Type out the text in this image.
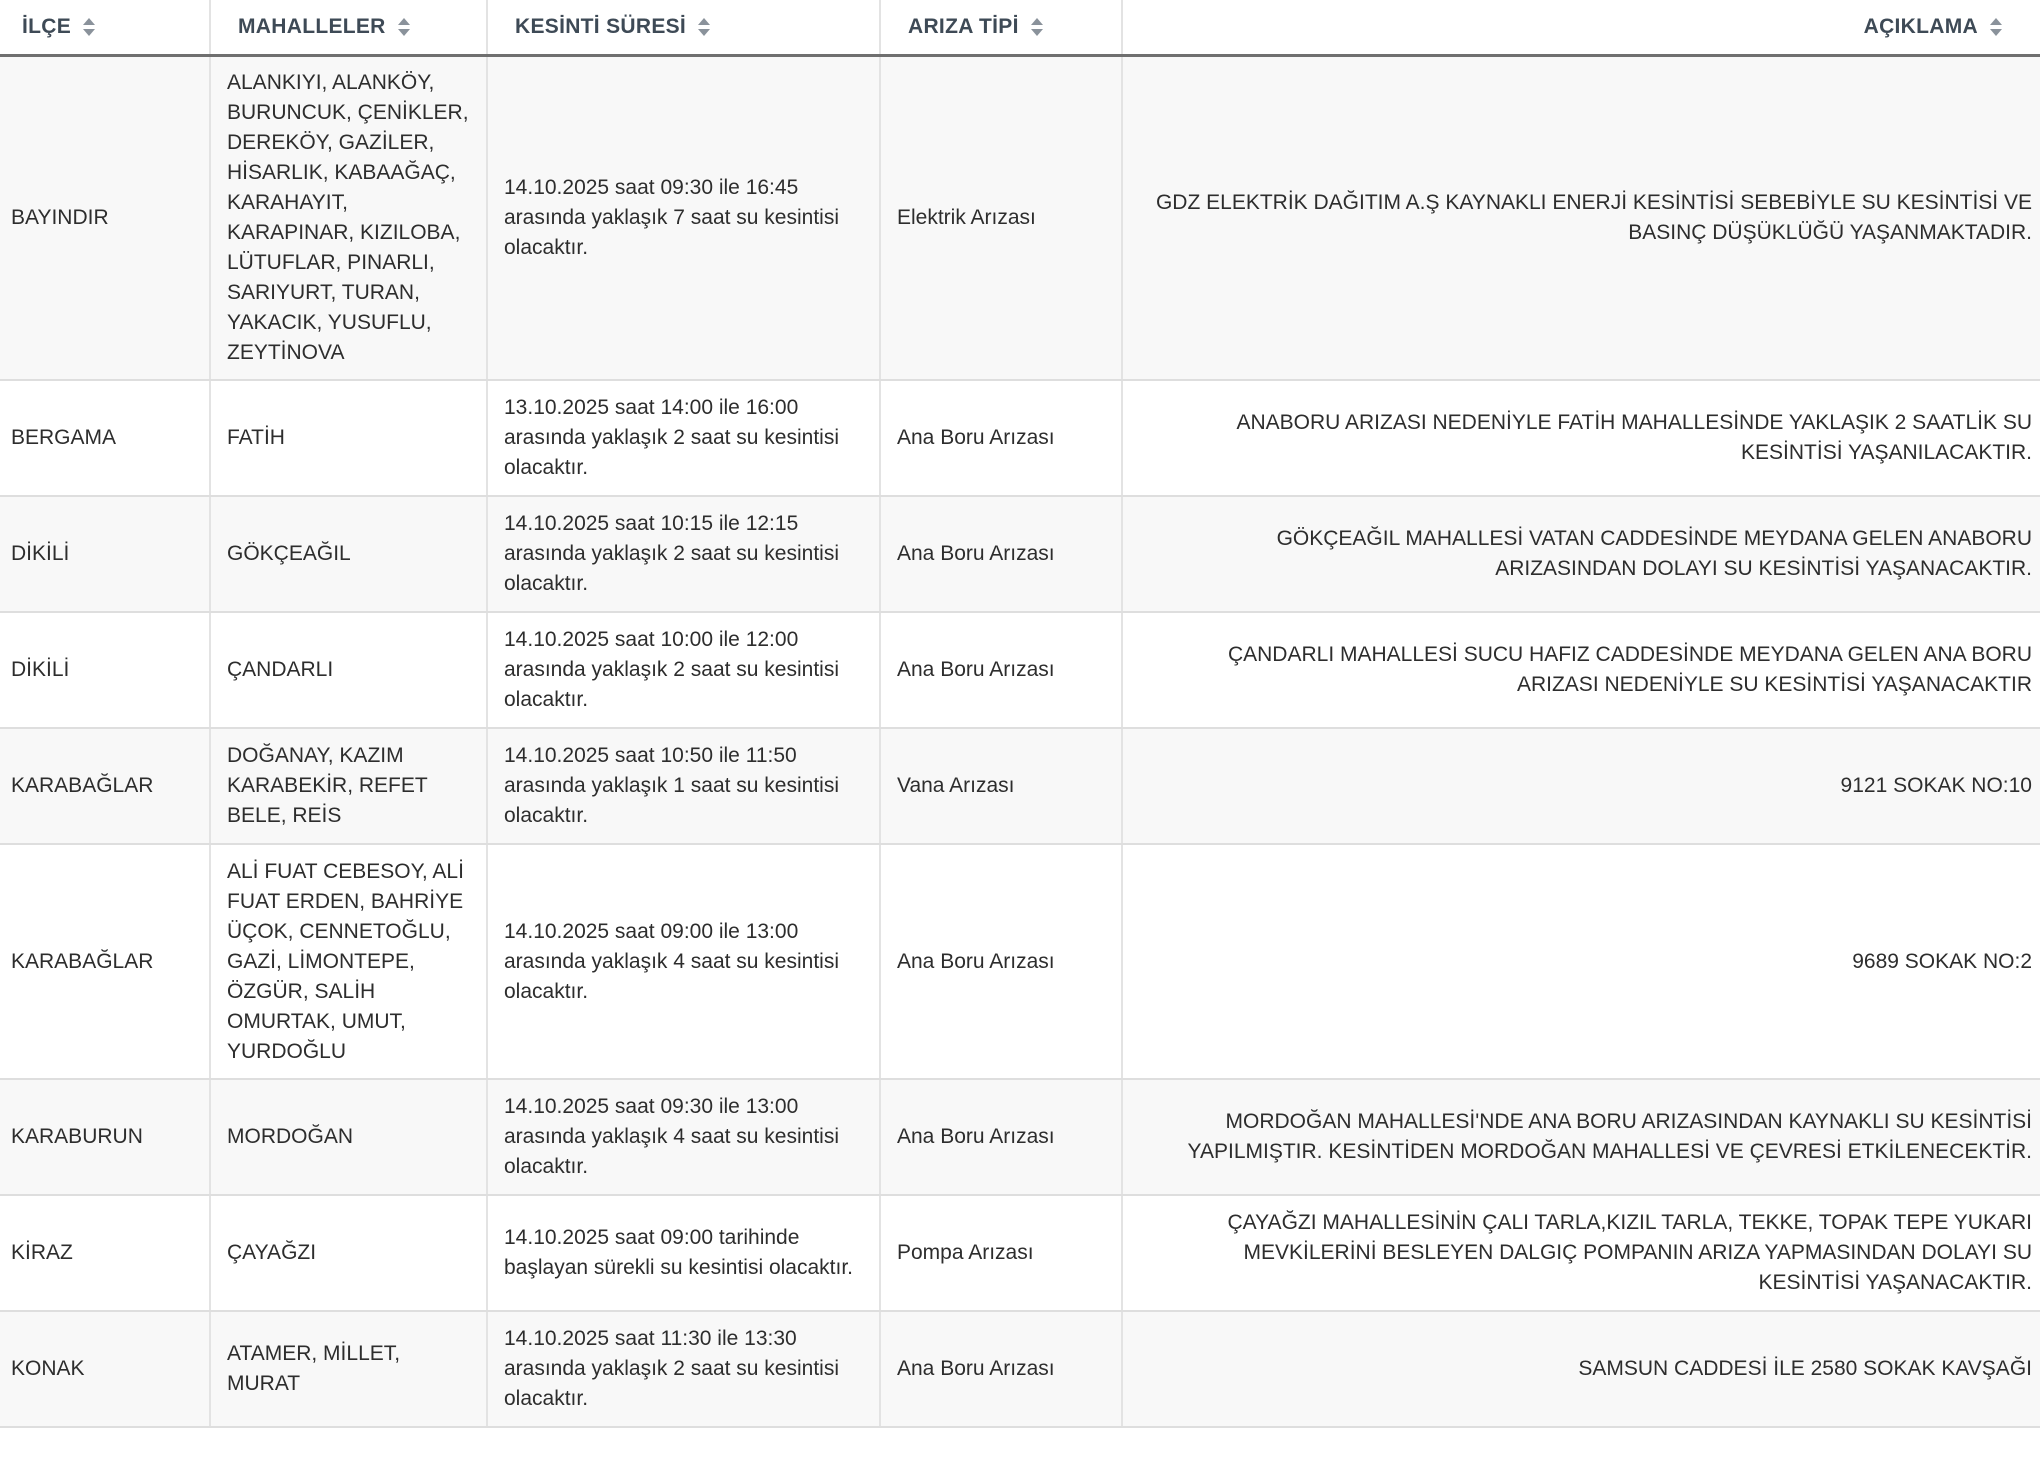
İLÇE	MAHALLELER	KESİNTİ SÜRESİ	ARIZA TİPİ	AÇIKLAMA
BAYINDIR	ALANKIYI, ALANKÖY, BURUNCUK, ÇENİKLER, DEREKÖY, GAZİLER, HİSARLIK, KABAAĞAÇ, KARAHAYIT, KARAPINAR, KIZILOBA, LÜTUFLAR, PINARLI, SARIYURT, TURAN, YAKACIK, YUSUFLU, ZEYTİNOVA	14.10.2025 saat 09:30 ile 16:45 arasında yaklaşık 7 saat su kesintisi olacaktır.	Elektrik Arızası	GDZ ELEKTRİK DAĞITIM A.Ş KAYNAKLI ENERJİ KESİNTİSİ SEBEBİYLE SU KESİNTİSİ VE BASINÇ DÜŞÜKLÜĞÜ YAŞANMAKTADIR.
BERGAMA	FATİH	13.10.2025 saat 14:00 ile 16:00 arasında yaklaşık 2 saat su kesintisi olacaktır.	Ana Boru Arızası	ANABORU ARIZASI NEDENİYLE FATİH MAHALLESİNDE YAKLAŞIK 2 SAATLİK SU KESİNTİSİ YAŞANILACAKTIR.
DİKİLİ	GÖKÇEAĞIL	14.10.2025 saat 10:15 ile 12:15 arasında yaklaşık 2 saat su kesintisi olacaktır.	Ana Boru Arızası	GÖKÇEAĞIL MAHALLESİ VATAN CADDESİNDE MEYDANA GELEN ANABORU ARIZASINDAN DOLAYI SU KESİNTİSİ YAŞANACAKTIR.
DİKİLİ	ÇANDARLI	14.10.2025 saat 10:00 ile 12:00 arasında yaklaşık 2 saat su kesintisi olacaktır.	Ana Boru Arızası	ÇANDARLI MAHALLESİ SUCU HAFIZ CADDESİNDE MEYDANA GELEN ANA BORU ARIZASI NEDENİYLE SU KESİNTİSİ YAŞANACAKTIR
KARABAĞLAR	DOĞANAY, KAZIM KARABEKİR, REFET BELE, REİS	14.10.2025 saat 10:50 ile 11:50 arasında yaklaşık 1 saat su kesintisi olacaktır.	Vana Arızası	9121 SOKAK NO:10
KARABAĞLAR	ALİ FUAT CEBESOY, ALİ FUAT ERDEN, BAHRİYE ÜÇOK, CENNETOĞLU, GAZİ, LİMONTEPE, ÖZGÜR, SALİH OMURTAK, UMUT, YURDOĞLU	14.10.2025 saat 09:00 ile 13:00 arasında yaklaşık 4 saat su kesintisi olacaktır.	Ana Boru Arızası	9689 SOKAK NO:2
KARABURUN	MORDOĞAN	14.10.2025 saat 09:30 ile 13:00 arasında yaklaşık 4 saat su kesintisi olacaktır.	Ana Boru Arızası	MORDOĞAN MAHALLESİ'NDE ANA BORU ARIZASINDAN KAYNAKLI SU KESİNTİSİ YAPILMIŞTIR. KESİNTİDEN MORDOĞAN MAHALLESİ VE ÇEVRESİ ETKİLENECEKTİR.
KİRAZ	ÇAYAĞZI	14.10.2025 saat 09:00 tarihinde başlayan sürekli su kesintisi olacaktır.	Pompa Arızası	ÇAYAĞZI MAHALLESİNİN ÇALI TARLA,KIZIL TARLA, TEKKE, TOPAK TEPE YUKARI MEVKİLERİNİ BESLEYEN DALGIÇ POMPANIN ARIZA YAPMASINDAN DOLAYI SU KESİNTİSİ YAŞANACAKTIR.
KONAK	ATAMER, MİLLET, MURAT	14.10.2025 saat 11:30 ile 13:30 arasında yaklaşık 2 saat su kesintisi olacaktır.	Ana Boru Arızası	SAMSUN CADDESİ İLE 2580 SOKAK KAVŞAĞI
